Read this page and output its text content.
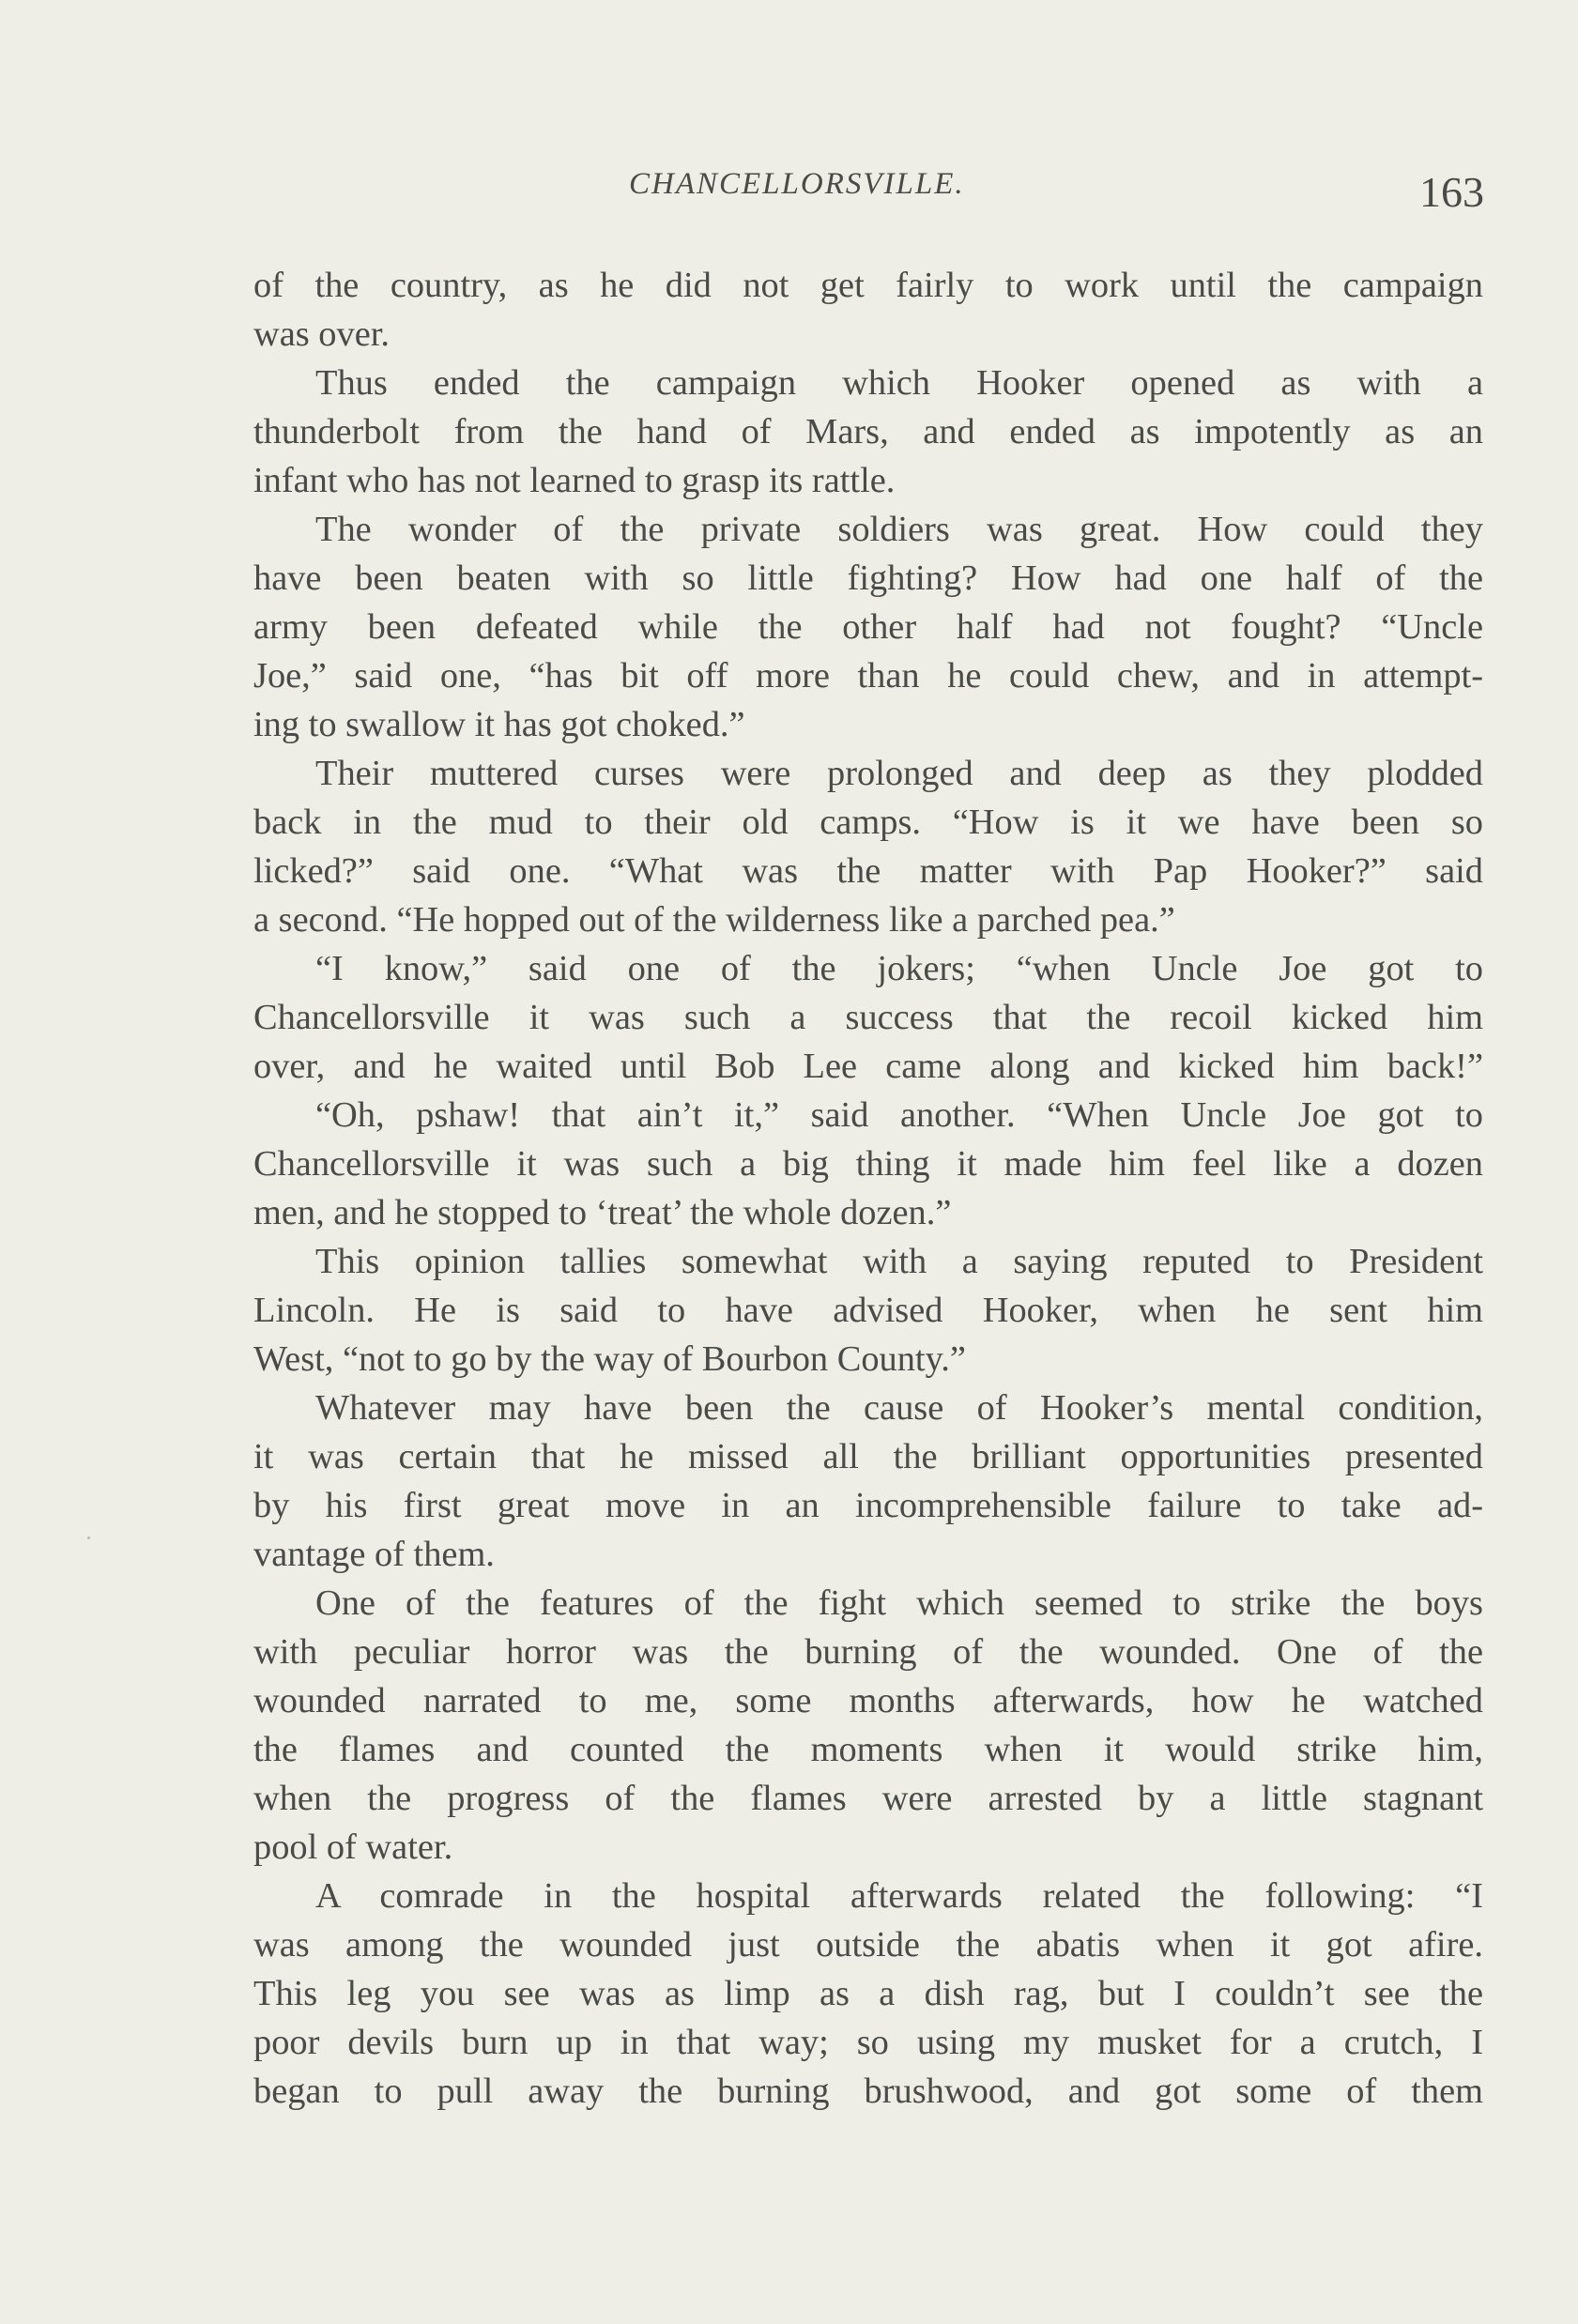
CHANCELLORSVILLE.	163
of the country, as he did not get fairly to work until the campaign
was over.
Thus ended the campaign which Hooker opened as with a
thunderbolt from the hand of Mars, and ended as impotently as an
infant who has not learned to grasp its rattle.
The wonder of the private soldiers was great. How could they
have been beaten with so little fighting? How had one half of the
army been defeated while the other half had not fought? “Uncle
Joe,” said one, “has bit off more than he could chew, and in attempt-
ing to swallow it has got choked.”
Their muttered curses were prolonged and deep as they plodded
back in the mud to their old camps. “How is it we have been so
licked?” said one. “What was the matter with Pap Hooker?” said
a second. “He hopped out of the wilderness like a parched pea.”
“I know,” said one of the jokers; “when Uncle Joe got to
Chancellorsville it was such a success that the recoil kicked him
over, and he waited until Bob Lee came along and kicked him back!”
“Oh, pshaw! that ain’t it,” said another. “When Uncle Joe got to
Chancellorsville it was such a big thing it made him feel like a dozen
men, and he stopped to ‘treat’ the whole dozen.”
This opinion tallies somewhat with a saying reputed to President
Lincoln. He is said to have advised Hooker, when he sent him
West, “not to go by the way of Bourbon County.”
Whatever may have been the cause of Hooker’s mental condition,
it was certain that he missed all the brilliant opportunities presented
by his first great move in an incomprehensible failure to take ad-
vantage of them.
One of the features of the fight which seemed to strike the boys
with peculiar horror was the burning of the wounded. One of the
wounded narrated to me, some months afterwards, how he watched
the flames and counted the moments when it would strike him,
when the progress of the flames were arrested by a little stagnant
pool of water.
A comrade in the hospital afterwards related the following: “I
was among the wounded just outside the abatis when it got afire.
This leg you see was as limp as a dish rag, but I couldn’t see the
poor devils burn up in that way; so using my musket for a crutch, I
began to pull away the burning brushwood, and got some of them
